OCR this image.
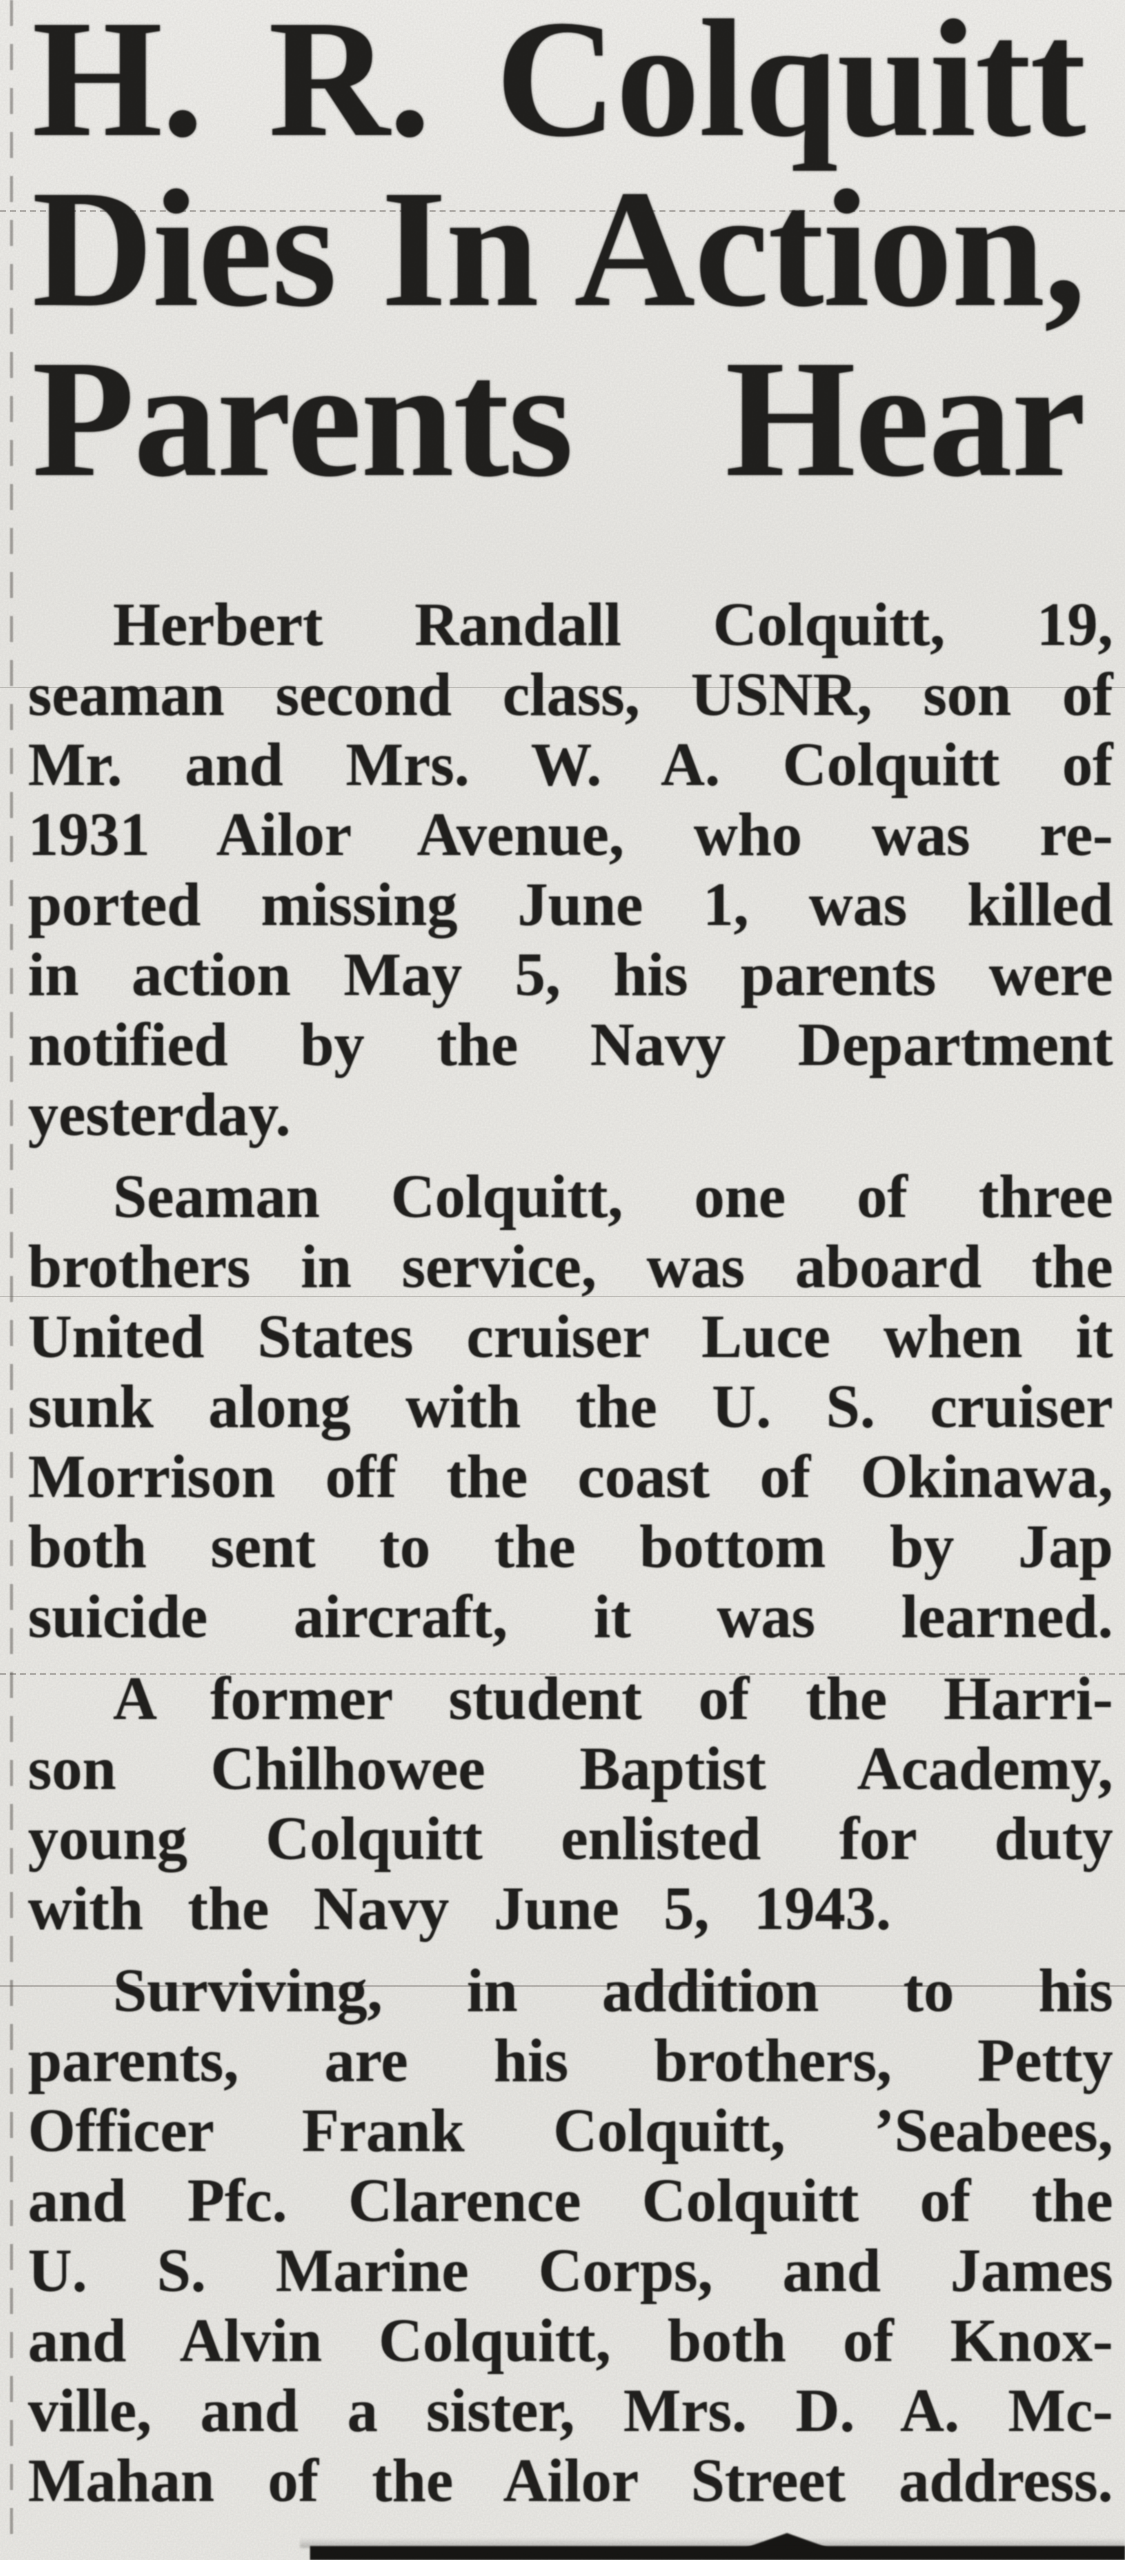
H. R. Colquitt
Dies In Action,
Parents Hear
Herbert Randall Colquitt, 19,
seaman second class, USNR, son of
Mr. and Mrs. W. A. Colquitt of
1931 Ailor Avenue, who was re-
ported missing June 1, was killed
in action May 5, his parents were
notified by the Navy Department
yesterday.
Seaman Colquitt, one of three
brothers in service, was aboard the
United States cruiser Luce when it
sunk along with the U. S. cruiser
Morrison off the coast of Okinawa,
both sent to the bottom by Jap
suicide aircraft, it was learned.
A former student of the Harri-
son Chilhowee Baptist Academy,
young Colquitt enlisted for duty
with the Navy June 5, 1943.
Surviving, in addition to his
parents, are his brothers, Petty
Officer Frank Colquitt, ’Seabees,
and Pfc. Clarence Colquitt of the
U. S. Marine Corps, and James
and Alvin Colquitt, both of Knox-
ville, and a sister, Mrs. D. A. Mc-
Mahan of the Ailor Street address.
